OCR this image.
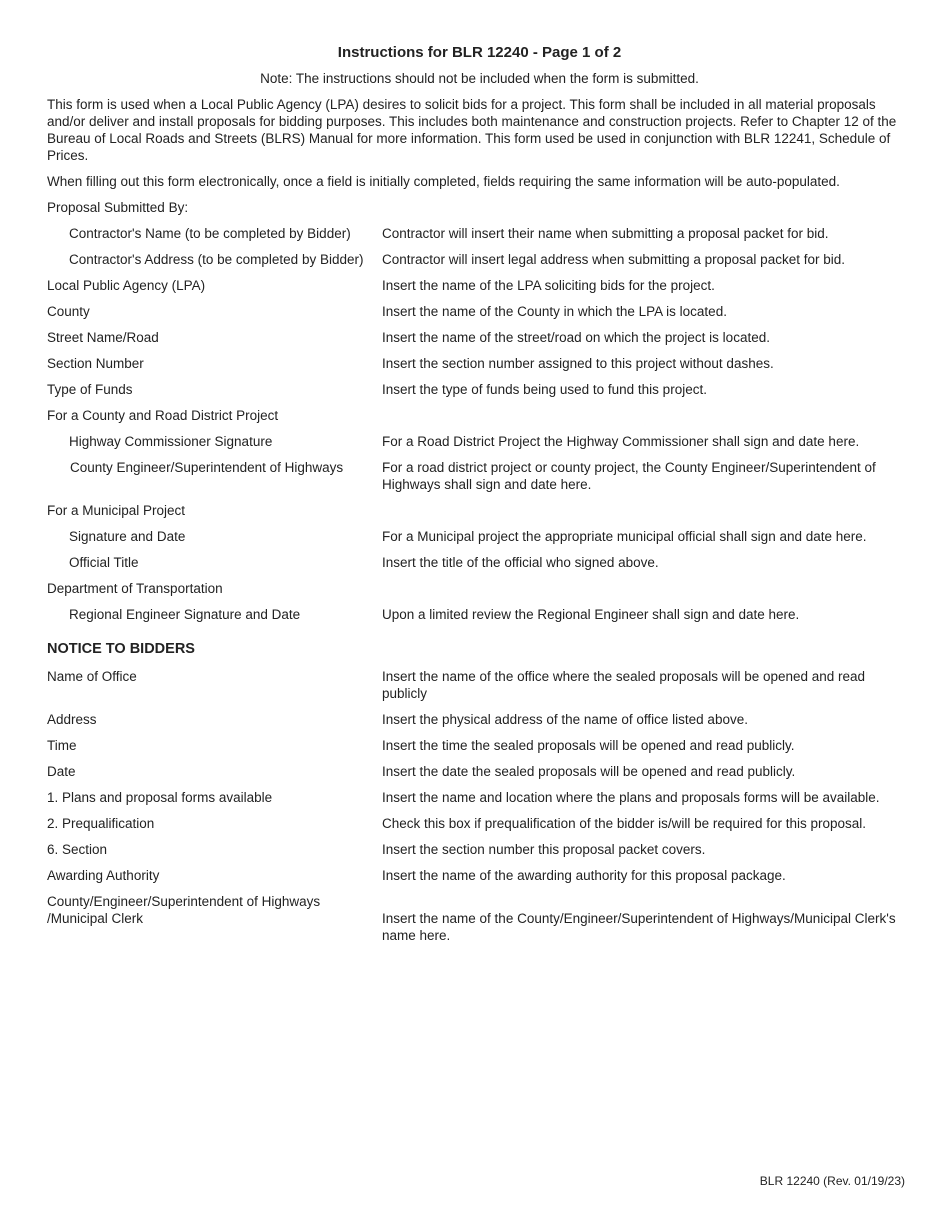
Instructions for BLR 12240 - Page 1 of 2
Note: The instructions should not be included when the form is submitted.
This form is used when a Local Public Agency (LPA) desires to solicit bids for a project. This form shall be included in all material proposals and/or deliver and install proposals for bidding purposes. This includes both maintenance and construction projects. Refer to Chapter 12 of the Bureau of Local Roads and Streets (BLRS) Manual for more information. This form used be used in conjunction with BLR 12241, Schedule of Prices.
When filling out this form electronically, once a field is initially completed, fields requiring the same information will be auto-populated.
Proposal Submitted By:
Contractor's Name (to be completed by Bidder)	Contractor will insert their name when submitting a proposal packet for bid.
Contractor's Address (to be completed by Bidder)	Contractor will insert legal address when submitting a proposal packet for bid.
Local Public Agency (LPA)	Insert the name of the LPA soliciting bids for the project.
County	Insert the name of the County in which the LPA is located.
Street Name/Road	Insert the name of the street/road on which the project is located.
Section Number	Insert the section number assigned to this project without dashes.
Type of Funds	Insert the type of funds being used to fund this project.
For a County and Road District Project
Highway Commissioner Signature	For a Road District Project the Highway Commissioner shall sign and date here.
County Engineer/Superintendent of Highways	For a road district project or county project, the County Engineer/Superintendent of Highways shall sign and date here.
For a Municipal Project
Signature and Date	For a Municipal project the appropriate municipal official shall sign and date here.
Official Title	Insert the title of the official who signed above.
Department of Transportation
Regional Engineer Signature and Date	Upon a limited review the Regional Engineer shall sign and date here.
NOTICE TO BIDDERS
Name of Office	Insert the name of the office where the sealed proposals will be opened and read publicly
Address	Insert the physical address of the name of office listed above.
Time	Insert the time the sealed proposals will be opened and read publicly.
Date	Insert the date the sealed proposals will be opened and read publicly.
1. Plans and proposal forms available	Insert the name and location where the plans and proposals forms will be available.
2. Prequalification	Check this box if prequalification of the bidder is/will be required for this proposal.
6. Section	Insert the section number this proposal packet covers.
Awarding Authority	Insert the name of the awarding authority for this proposal package.
County/Engineer/Superintendent of Highways /Municipal Clerk	Insert the name of the County/Engineer/Superintendent of Highways/Municipal Clerk's name here.
BLR 12240 (Rev. 01/19/23)
